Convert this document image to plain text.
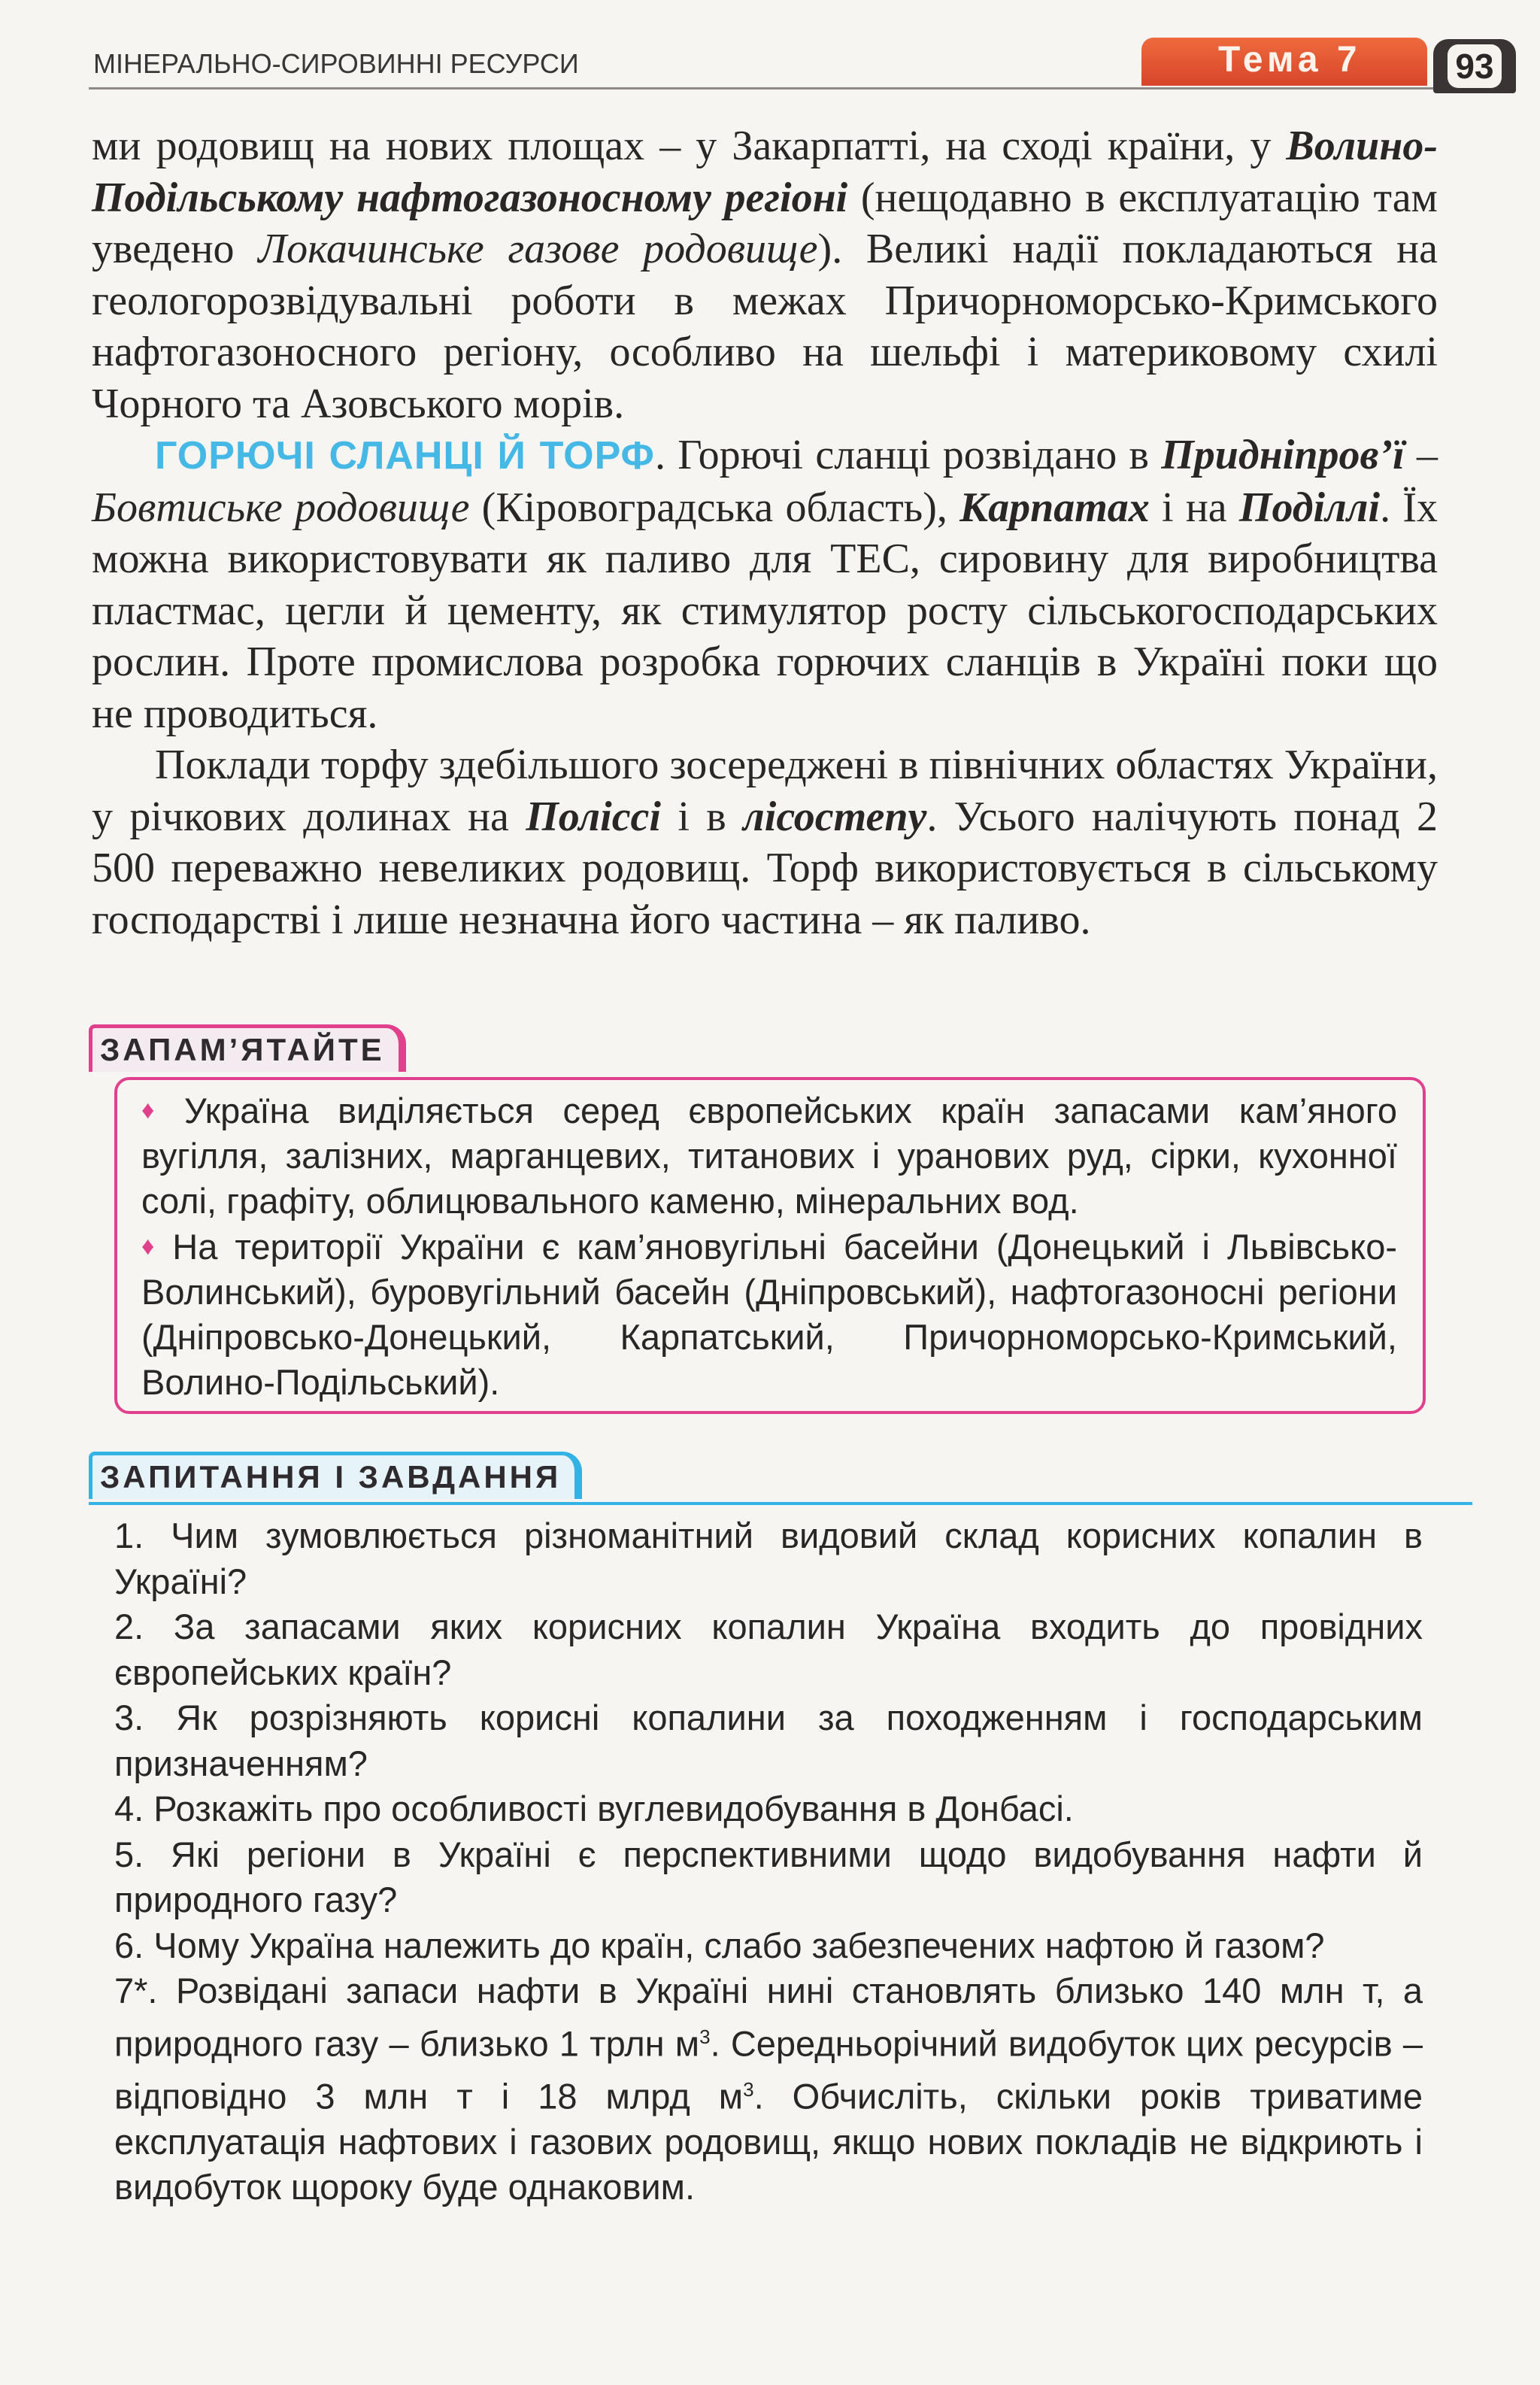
МІНЕРАЛЬНО-СИРОВИННІ РЕСУРСИ	Тема 7	93

ми родовищ на нових площах – у Закарпатті, на сході країни, у Волино-Подільському нафтогазоносному регіоні (нещодавно в експлуатацію там уведено Локачинське газове родовище). Великі надії покладаються на геологорозвідувальні роботи в межах Причорноморсько-Кримського нафтогазоносного регіону, особливо на шельфі і материковому схилі Чорного та Азовського морів.

ГОРЮЧІ СЛАНЦІ Й ТОРФ. Горючі сланці розвідано в Придніпров’ї – Бовтиське родовище (Кіровоградська область), Карпатах і на Поділлі. Їх можна використовувати як паливо для ТЕС, сировину для виробництва пластмас, цегли й цементу, як стимулятор росту сільськогосподарських рослин. Проте промислова розробка горючих сланців в Україні поки що не проводиться.

Поклади торфу здебільшого зосереджені в північних областях України, у річкових долинах на Поліссі і в лісостепу. Усього налічують понад 2 500 переважно невеликих родовищ. Торф використовується в сільському господарстві і лише незначна його частина – як паливо.

ЗАПАМ’ЯТАЙТЕ

♦ Україна виділяється серед європейських країн запасами кам’яного вугілля, залізних, марганцевих, титанових і уранових руд, сірки, кухонної солі, графіту, облицювального каменю, мінеральних вод.

♦ На території України є кам’яновугільні басейни (Донецький і Львівсько-Волинський), буровугільний басейн (Дніпровський), нафтогазоносні регіони (Дніпровсько-Донецький, Карпатський, Причорноморсько-Кримський, Волино-Подільський).

ЗАПИТАННЯ І ЗАВДАННЯ

1. Чим зумовлюється різноманітний видовий склад корисних копалин в Україні?

2. За запасами яких корисних копалин Україна входить до провідних європейських країн?

3. Як розрізняють корисні копалини за походженням і господарським призначенням?

4. Розкажіть про особливості вуглевидобування в Донбасі.

5. Які регіони в Україні є перспективними щодо видобування нафти й природного газу?

6. Чому Україна належить до країн, слабо забезпечених нафтою й газом?

7*. Розвідані запаси нафти в Україні нині становлять близько 140 млн т, а природного газу – близько 1 трлн $м^3$. Середньорічний видобуток цих ресурсів – відповідно 3 млн т і 18 млрд $м^3$. Обчисліть, скільки років триватиме експлуатація нафтових і газових родовищ, якщо нових покладів не відкриють і видобуток щороку буде однаковим.
